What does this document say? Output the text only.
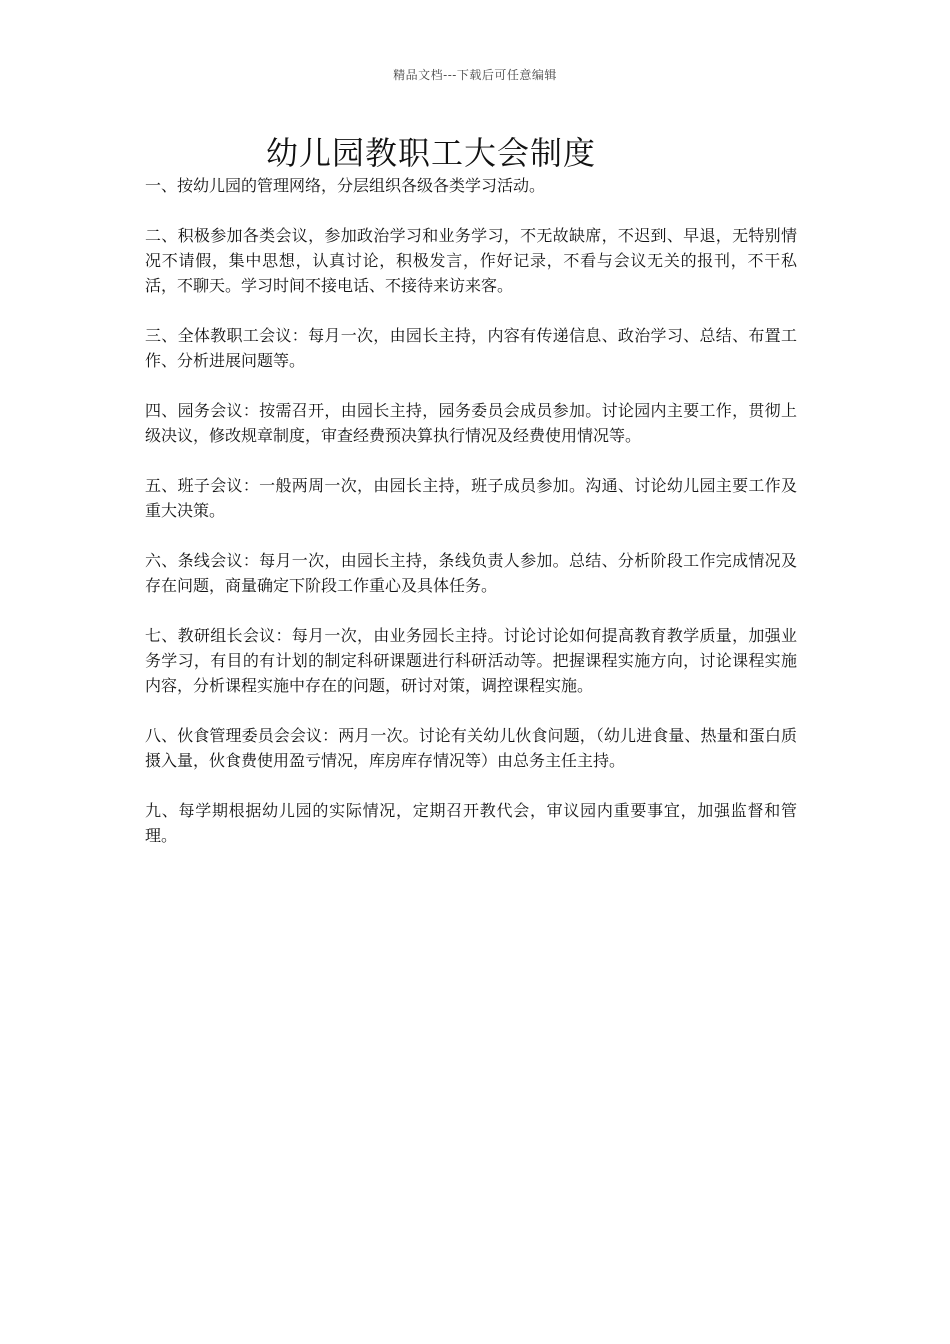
精品文档---下载后可任意编辑
幼儿园教职工大会制度

一、按幼儿园的管理网络，分层组织各级各类学习活动。

二、积极参加各类会议，参加政治学习和业务学习，不无故缺席，不迟到、早退，无特别情况不请假，集中思想，认真讨论，积极发言，作好记录，不看与会议无关的报刊，不干私活，不聊天。学习时间不接电话、不接待来访来客。

三、全体教职工会议：每月一次，由园长主持，内容有传递信息、政治学习、总结、布置工作、分析进展问题等。

四、园务会议：按需召开，由园长主持，园务委员会成员参加。讨论园内主要工作，贯彻上级决议，修改规章制度，审查经费预决算执行情况及经费使用情况等。

五、班子会议：一般两周一次，由园长主持，班子成员参加。沟通、讨论幼儿园主要工作及重大决策。

六、条线会议：每月一次，由园长主持，条线负责人参加。总结、分析阶段工作完成情况及存在问题，商量确定下阶段工作重心及具体任务。

七、教研组长会议：每月一次，由业务园长主持。讨论讨论如何提高教育教学质量，加强业务学习，有目的有计划的制定科研课题进行科研活动等。把握课程实施方向，讨论课程实施内容，分析课程实施中存在的问题，研讨对策，调控课程实施。

八、伙食管理委员会会议：两月一次。讨论有关幼儿伙食问题，（幼儿进食量、热量和蛋白质摄入量，伙食费使用盈亏情况，库房库存情况等）由总务主任主持。

九、每学期根据幼儿园的实际情况，定期召开教代会，审议园内重要事宜，加强监督和管理。
